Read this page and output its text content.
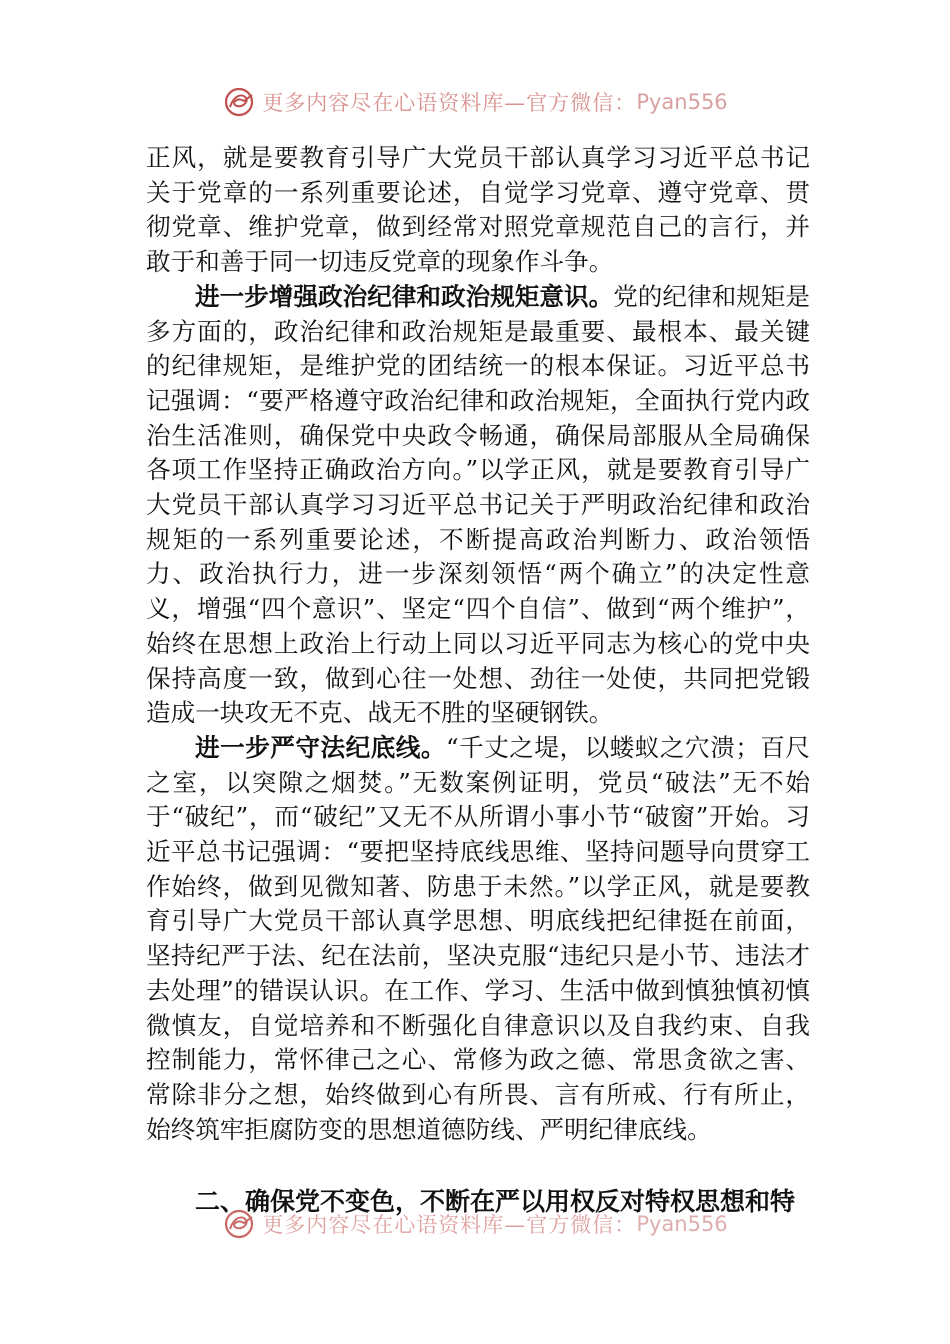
更多内容尽在心语资料库—官方微信： Pyan556

正风，就是要教育引导广大党员干部认真学习习近平总书记关于党章的一系列重要论述，自觉学习党章、遵守党章、贯彻党章、维护党章，做到经常对照党章规范自己的言行，并敢于和善于同一切违反党章的现象作斗争。

进一步增强政治纪律和政治规矩意识。党的纪律和规矩是多方面的，政治纪律和政治规矩是最重要、最根本、最关键的纪律规矩，是维护党的团结统一的根本保证。习近平总书记强调：“要严格遵守政治纪律和政治规矩，全面执行党内政治生活准则，确保党中央政令畅通，确保局部服从全局确保各项工作坚持正确政治方向。”以学正风，就是要教育引导广大党员干部认真学习习近平总书记关于严明政治纪律和政治规矩的一系列重要论述，不断提高政治判断力、政治领悟力、政治执行力，进一步深刻领悟“两个确立”的决定性意义，增强“四个意识”、坚定“四个自信”、做到“两个维护”，始终在思想上政治上行动上同以习近平同志为核心的党中央保持高度一致，做到心往一处想、劲往一处使，共同把党锻造成一块攻无不克、战无不胜的坚硬钢铁。

进一步严守法纪底线。“千丈之堤，以蝼蚁之穴溃；百尺之室，以突隙之烟焚。”无数案例证明，党员“破法”无不始于“破纪”，而“破纪”又无不从所谓小事小节“破窗”开始。习近平总书记强调：“要把坚持底线思维、坚持问题导向贯穿工作始终，做到见微知著、防患于未然。”以学正风，就是要教育引导广大党员干部认真学思想、明底线把纪律挺在前面，坚持纪严于法、纪在法前，坚决克服“违纪只是小节、违法才去处理”的错误认识。在工作、学习、生活中做到慎独慎初慎微慎友，自觉培养和不断强化自律意识以及自我约束、自我控制能力，常怀律己之心、常修为政之德、常思贪欲之害、常除非分之想，始终做到心有所畏、言有所戒、行有所止，始终筑牢拒腐防变的思想道德防线、严明纪律底线。

二、确保党不变色，不断在严以用权反对特权思想和特
更多内容尽在心语资料库—官方微信： Pyan556
